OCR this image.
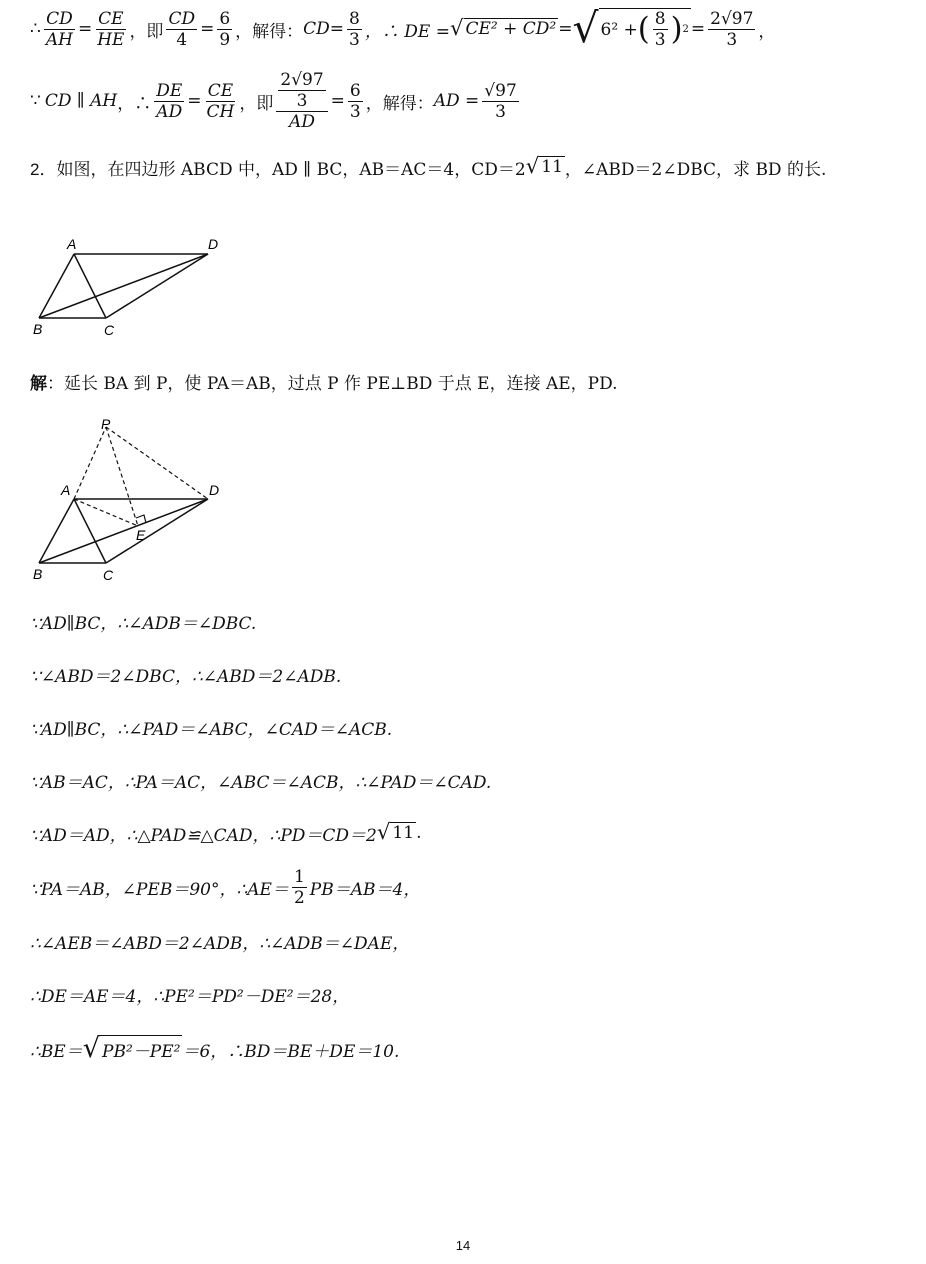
∴ $\frac{CD}{AH} = \frac{CE}{HE}$ ，即 $\frac{CD}{4} = \frac{6}{9}$ ，解得： CD = $\frac{8}{3}$ ，∴ DE = √ CE² + CD² = √ 6² + ( $\frac{8}{3}$ ) $2 = \frac{2√97}{3}$ ，
∵ CD ∥ AH ，∴ $\frac{DE}{AD} = \frac{CE}{CH}$ ，即 $\frac{\frac{2√97}{3}}{AD} = \frac{6}{3}$ ，解得： AD = $\frac{√97}{3}$
2． 如图，在四边形 ABCD 中，AD ∥ BC，AB＝AC＝4，CD＝2 √ 11 ，∠ABD＝2∠DBC，求 BD 的长.
A	D
B	C
解 ：延长 BA 到 P，使 PA＝AB，过点 P 作 PE⊥BD 于点 E，连接 AE，PD.
P
A	D
E
B	C
∵AD∥BC，∴∠ADB＝∠DBC.
∵∠ABD＝2∠DBC，∴∠ABD＝2∠ADB.
∵AD∥BC，∴∠PAD＝∠ABC，∠CAD＝∠ACB.
∵AB＝AC，∴PA＝AC，∠ABC＝∠ACB，∴∠PAD＝∠CAD.
∵AD＝AD，∴△PAD≌△CAD，∴PD＝CD＝2 √ 11 .
∵PA＝AB，∠PEB＝90°，∴AE＝ $\frac{1}{2} PB=AB=4$，
∴∠AEB＝∠ABD＝2∠ADB，∴∠ADB＝∠DAE，
∴DE＝AE＝4，∴PE²＝PD²－DE²＝28，
∴BE＝ √ PB²－PE² ＝6，∴BD＝BE＋DE＝10.
14
